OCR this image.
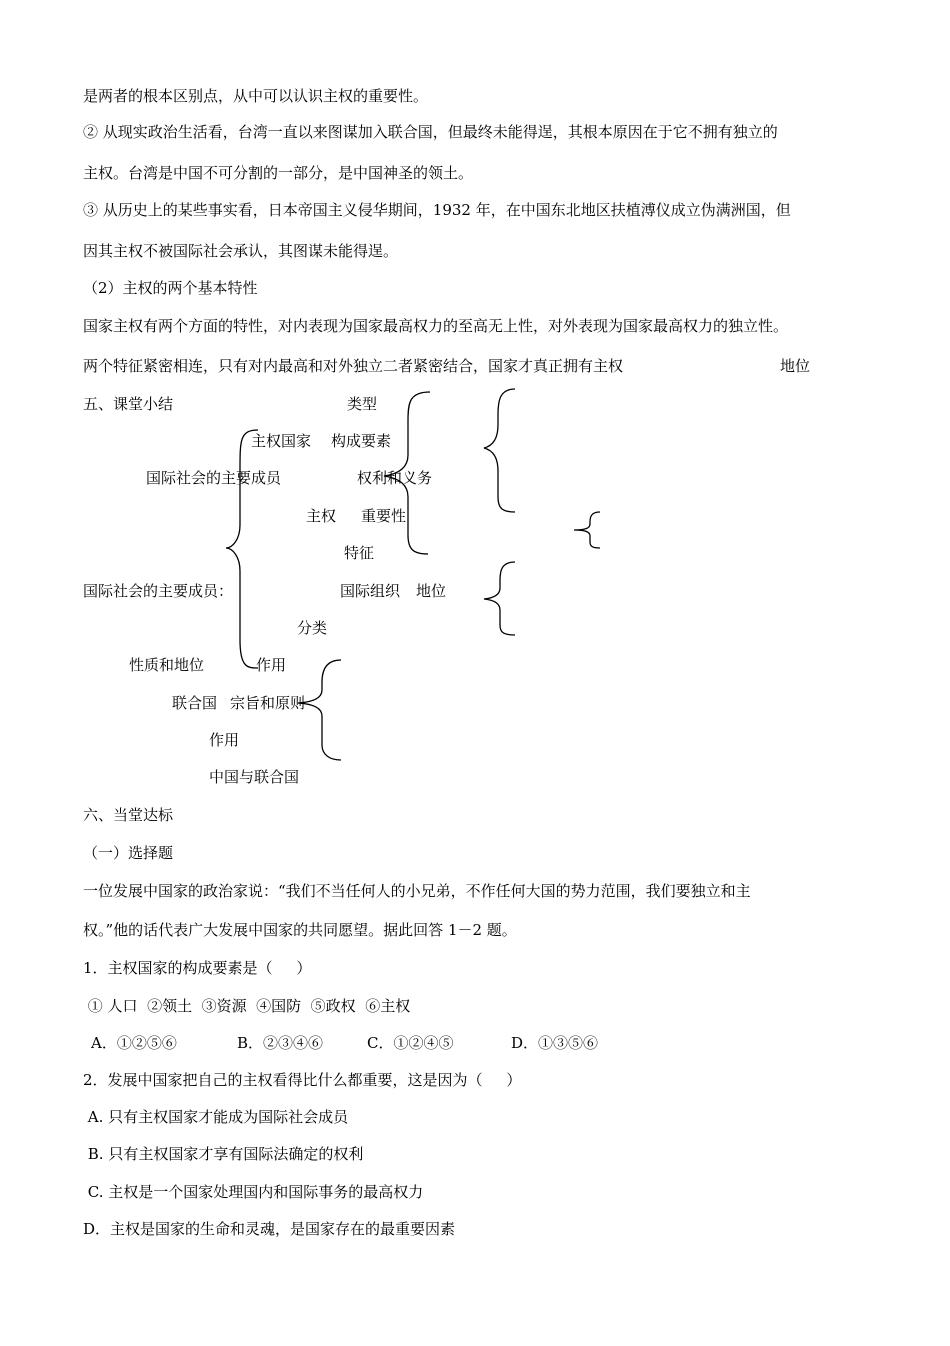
是两者的根本区别点，从中可以认识主权的重要性。
② 从现实政治生活看，台湾一直以来图谋加入联合国，但最终未能得逞，其根本原因在于它不拥有独立的
主权。台湾是中国不可分割的一部分，是中国神圣的领土。
③ 从历史上的某些事实看，日本帝国主义侵华期间，1932 年，在中国东北地区扶植溥仪成立伪满洲国，但
因其主权不被国际社会承认，其图谋未能得逞。
（2）主权的两个基本特性
国家主权有两个方面的特性，对内表现为国家最高权力的至高无上性，对外表现为国家最高权力的独立性。
两个特征紧密相连，只有对内最高和对外独立二者紧密结合，国家才真正拥有主权	地位
五、课堂小结	类型
主权国家 构成要素
国际社会的主要成员	权利和义务
主权 重要性
特征
国际社会的主要成员：	国际组织 地位
分类
性质和地位	作用
联合国 宗旨和原则
作用
中国与联合国
六、当堂达标
（一）选择题
一位发展中国家的政治家说：“我们不当任何人的小兄弟，不作任何大国的势力范围，我们要独立和主
权。”他的话代表广大发展中国家的共同愿望。据此回答 1－2 题。
1．主权国家的构成要素是（     ）
① 人口  ②领土  ③资源  ④国防  ⑤政权  ⑥主权
A．①②⑤⑥	B．②③④⑥	C．①②④⑤	D．①③⑤⑥
2．发展中国家把自己的主权看得比什么都重要，这是因为（     ）
A. 只有主权国家才能成为国际社会成员
B. 只有主权国家才享有国际法确定的权利
C. 主权是一个国家处理国内和国际事务的最高权力
D．主权是国家的生命和灵魂，是国家存在的最重要因素
